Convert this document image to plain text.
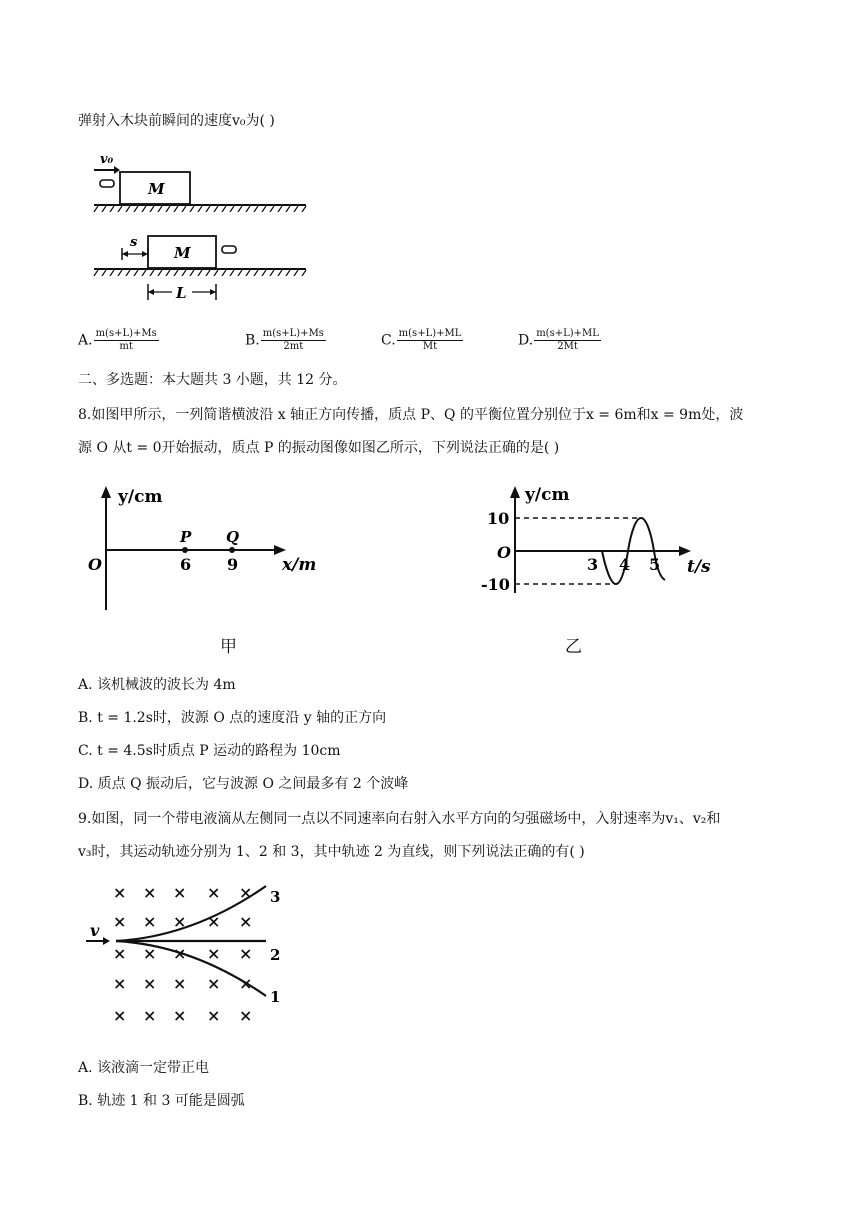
弹射入木块前瞬间的速度v₀为( )
v₀
M
s
M
L
A. $\frac{m(s+L)+Ms}{mt}$	B. $\frac{m(s+L)+Ms}{2mt}$	C. $\frac{m(s+L)+ML}{Mt}$	D. $\frac{m(s+L)+ML}{2Mt}$
二、多选题：本大题共 3 小题，共 12 分。
8.如图甲所示，一列简谐横波沿 x 轴正方向传播，质点 P、Q 的平衡位置分别位于x = 6m和x = 9m处，波
源 O 从t = 0开始振动，质点 P 的振动图像如图乙所示，下列说法正确的是( )
y/cm
x/m
O
P Q
6 9
甲
y/cm
t/s
O
10
-10
3 4 5
乙
A. 该机械波的波长为 4m
B. t = 1.2s时，波源 O 点的速度沿 y 轴的正方向
C. t = 4.5s时质点 P 运动的路程为 10cm
D. 质点 Q 振动后，它与波源 O 之间最多有 2 个波峰
9.如图，同一个带电液滴从左侧同一点以不同速率向右射入水平方向的匀强磁场中，入射速率为v₁、v₂和
v₃时，其运动轨迹分别为 1、2 和 3，其中轨迹 2 为直线，则下列说法正确的有( )
× × × × ×
× × × × ×
× × × × ×
× × × × ×
× × × × ×
v
3
2
1
A. 该液滴一定带正电
B. 轨迹 1 和 3 可能是圆弧
